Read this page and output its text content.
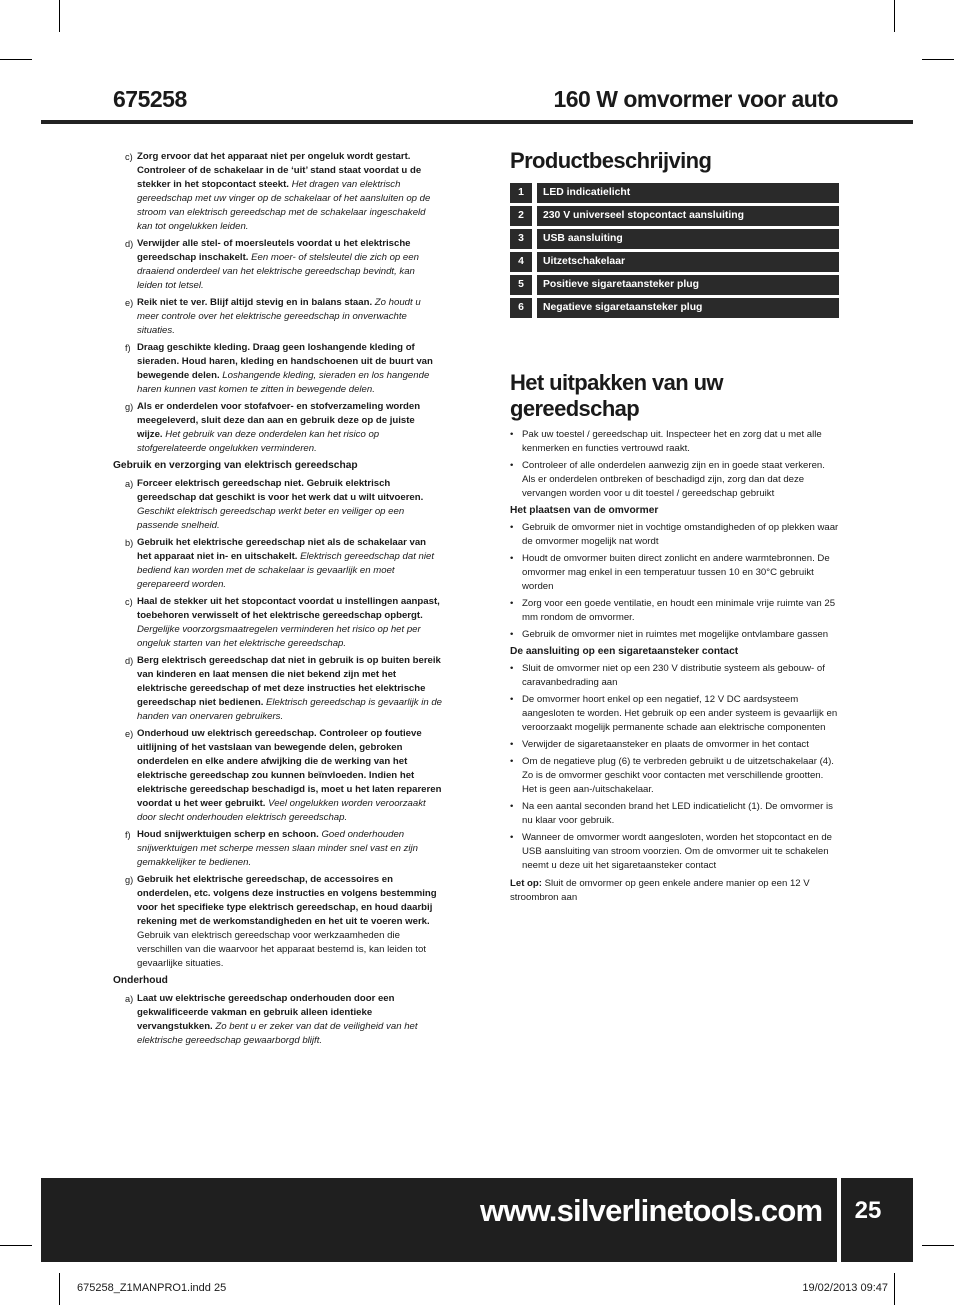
675258	160 W omvormer voor auto
c) Zorg ervoor dat het apparaat niet per ongeluk wordt gestart. Controleer of de schakelaar in de ‘uit’ stand staat voordat u de stekker in het stopcontact steekt. Het dragen van elektrisch gereedschap met uw vinger op de schakelaar of het aansluiten op de stroom van elektrisch gereedschap met de schakelaar ingeschakeld kan tot ongelukken leiden.
d) Verwijder alle stel- of moersleutels voordat u het elektrische gereedschap inschakelt. Een moer- of stelsleutel die zich op een draaiend onderdeel van het elektrische gereedschap bevindt, kan leiden tot letsel.
e) Reik niet te ver. Blijf altijd stevig en in balans staan. Zo houdt u meer controle over het elektrische gereedschap in onverwachte situaties.
f) Draag geschikte kleding. Draag geen loshangende kleding of sieraden. Houd haren, kleding en handschoenen uit de buurt van bewegende delen. Loshangende kleding, sieraden en los hangende haren kunnen vast komen te zitten in bewegende delen.
g) Als er onderdelen voor stofafvoer- en stofverzameling worden meegeleverd, sluit deze dan aan en gebruik deze op de juiste wijze. Het gebruik van deze onderdelen kan het risico op stofgerelateerde ongelukken verminderen.
Gebruik en verzorging van elektrisch gereedschap
a) Forceer elektrisch gereedschap niet. Gebruik elektrisch gereedschap dat geschikt is voor het werk dat u wilt uitvoeren. Geschikt elektrisch gereedschap werkt beter en veiliger op een passende snelheid.
b) Gebruik het elektrische gereedschap niet als de schakelaar van het apparaat niet in- en uitschakelt. Elektrisch gereedschap dat niet bediend kan worden met de schakelaar is gevaarlijk en moet gerepareerd worden.
c) Haal de stekker uit het stopcontact voordat u instellingen aanpast, toebehoren verwisselt of het elektrische gereedschap opbergt. Dergelijke voorzorgsmaatregelen verminderen het risico op het per ongeluk starten van het elektrische gereedschap.
d) Berg elektrisch gereedschap dat niet in gebruik is op buiten bereik van kinderen en laat mensen die niet bekend zijn met het elektrische gereedschap of met deze instructies het elektrische gereedschap niet bedienen. Elektrisch gereedschap is gevaarlijk in de handen van onervaren gebruikers.
e) Onderhoud uw elektrisch gereedschap. Controleer op foutieve uitlijning of het vastslaan van bewegende delen, gebroken onderdelen en elke andere afwijking die de werking van het elektrische gereedschap zou kunnen beïnvloeden. Indien het elektrische gereedschap beschadigd is, moet u het laten repareren voordat u het weer gebruikt. Veel ongelukken worden veroorzaakt door slecht onderhouden elektrisch gereedschap.
f) Houd snijwerktuigen scherp en schoon. Goed onderhouden snijwerktuigen met scherpe messen slaan minder snel vast en zijn gemakkelijker te bedienen.
g) Gebruik het elektrische gereedschap, de accessoires en onderdelen, etc. volgens deze instructies en volgens bestemming voor het specifieke type elektrisch gereedschap, en houd daarbij rekening met de werkomstandigheden en het uit te voeren werk. Gebruik van elektrisch gereedschap voor werkzaamheden die verschillen van die waarvoor het apparaat bestemd is, kan leiden tot gevaarlijke situaties.
Onderhoud
a) Laat uw elektrische gereedschap onderhouden door een gekwalificeerde vakman en gebruik alleen identieke vervangstukken. Zo bent u er zeker van dat de veiligheid van het elektrische gereedschap gewaarborgd blijft.
Productbeschrijving
1		LED indicatielicht
2		230 V universeel stopcontact aansluiting
3		USB aansluiting
4		Uitzetschakelaar
5		Positieve sigaretaansteker plug
6		Negatieve sigaretaansteker plug
Het uitpakken van uw
gereedschap
• Pak uw toestel / gereedschap uit. Inspecteer het en zorg dat u met alle kenmerken en functies vertrouwd raakt.
• Controleer of alle onderdelen aanwezig zijn en in goede staat verkeren. Als er onderdelen ontbreken of beschadigd zijn, zorg dan dat deze vervangen worden voor u dit toestel / gereedschap gebruikt
Het plaatsen van de omvormer
• Gebruik de omvormer niet in vochtige omstandigheden of op plekken waar de omvormer mogelijk nat wordt
• Houdt de omvormer buiten direct zonlicht en andere warmtebronnen. De omvormer mag enkel in een temperatuur tussen 10 en 30°C gebruikt worden
• Zorg voor een goede ventilatie, en houdt een minimale vrije ruimte van 25 mm rondom de omvormer.
• Gebruik de omvormer niet in ruimtes met mogelijke ontvlambare gassen
De aansluiting op een sigaretaansteker contact
• Sluit de omvormer niet op een 230 V distributie systeem als gebouw- of caravanbedrading aan
• De omvormer hoort enkel op een negatief, 12 V DC aardsysteem aangesloten te worden. Het gebruik op een ander systeem is gevaarlijk en veroorzaakt mogelijk permanente schade aan elektrische componenten
• Verwijder de sigaretaansteker en plaats de omvormer in het contact
• Om de negatieve plug (6) te verbreden gebruikt u de uitzetschakelaar (4). Zo is de omvormer geschikt voor contacten met verschillende grootten. Het is geen aan-/uitschakelaar.
• Na een aantal seconden brand het LED indicatielicht (1). De omvormer is nu klaar voor gebruik.
• Wanneer de omvormer wordt aangesloten, worden het stopcontact en de USB aansluiting van stroom voorzien. Om de omvormer uit te schakelen neemt u deze uit het sigaretaansteker contact
Let op: Sluit de omvormer op geen enkele andere manier op een 12 V stroombron aan
www.silverlinetools.com	25
675258_Z1MANPRO1.indd 25	19/02/2013 09:47
